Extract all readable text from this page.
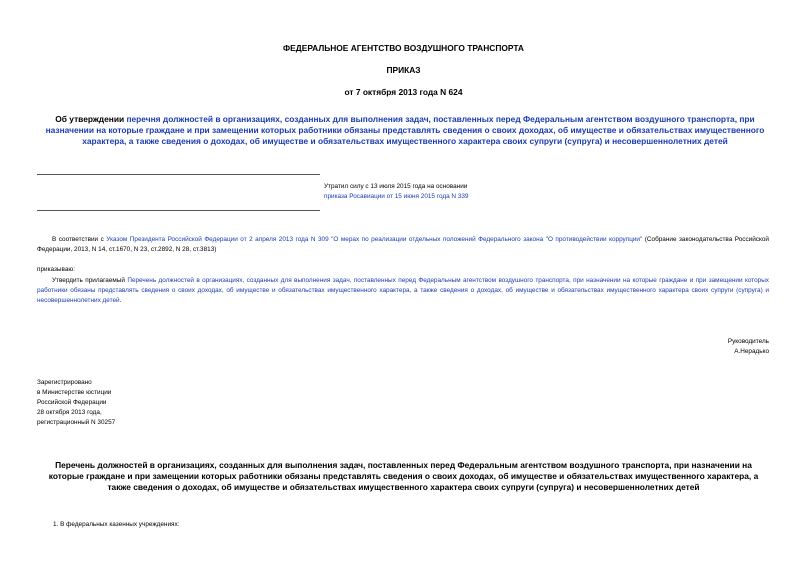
ФЕДЕРАЛЬНОЕ АГЕНТСТВО ВОЗДУШНОГО ТРАНСПОРТА
ПРИКАЗ
от 7 октября 2013 года N 624
Об утверждении перечня должностей в организациях, созданных для выполнения задач, поставленных перед Федеральным агентством воздушного транспорта, при назначении на которые граждане и при замещении которых работники обязаны представлять сведения о своих доходах, об имуществе и обязательствах имущественного характера, а также сведения о доходах, об имуществе и обязательствах имущественного характера своих супруги (супруга) и несовершеннолетних детей
Утратил силу с 13 июля 2015 года на основании
приказа Росавиации от 15 июня 2015 года N 339
В соответствии с Указом Президента Российской Федерации от 2 апреля 2013 года N 309 "О мерах по реализации отдельных положений Федерального закона "О противодействии коррупции" (Собрание законодательства Российской Федерации, 2013, N 14, ст.1670, N 23, ст.2892, N 28, ст.3813)
приказываю:
Утвердить прилагаемый Перечень должностей в организациях, созданных для выполнения задач, поставленных перед Федеральным агентством воздушного транспорта, при назначении на которые граждане и при замещении которых работники обязаны представлять сведения о своих доходах, об имуществе и обязательствах имущественного характера, а также сведения о доходах, об имуществе и обязательствах имущественного характера своих супруги (супруга) и несовершеннолетних детей.
Руководитель
А.Нерадько
Зарегистрировано
в Министерстве юстиции
Российской Федерации
28 октября 2013 года,
регистрационный N 30257
Перечень должностей в организациях, созданных для выполнения задач, поставленных перед Федеральным агентством воздушного транспорта, при назначении на которые граждане и при замещении которых работники обязаны представлять сведения о своих доходах, об имуществе и обязательствах имущественного характера, а также сведения о доходах, об имуществе и обязательствах имущественного характера своих супруги (супруга) и несовершеннолетних детей
1. В федеральных казенных учреждениях:
